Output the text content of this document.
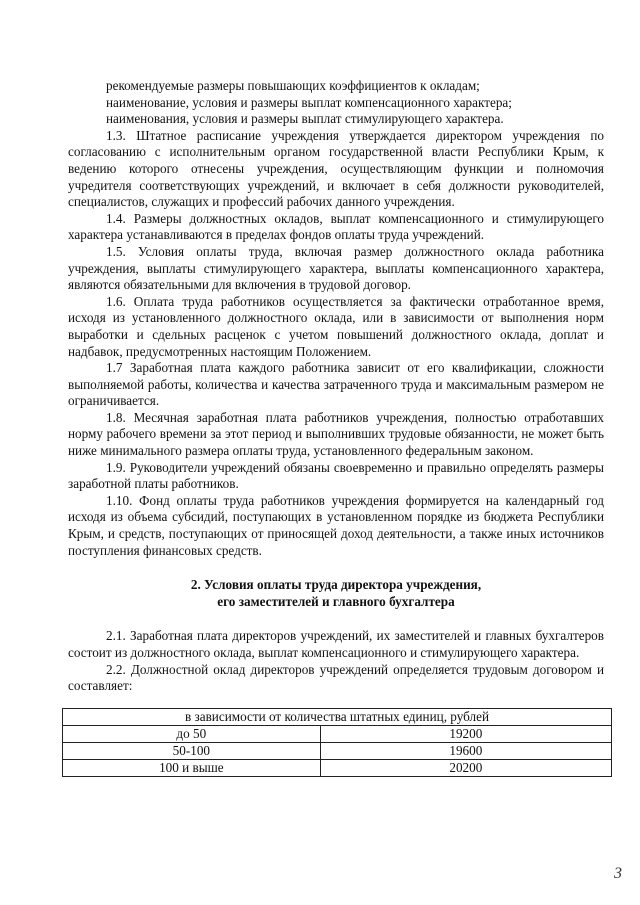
рекомендуемые размеры повышающих коэффициентов к окладам;

наименование, условия и размеры выплат компенсационного характера;

наименования, условия и размеры выплат стимулирующего характера.

1.3. Штатное расписание учреждения утверждается директором учреждения по согласованию с исполнительным органом государственной власти Республики Крым, к ведению которого отнесены учреждения, осуществляющим функции и полномочия учредителя соответствующих учреждений, и включает в себя должности руководителей, специалистов, служащих и профессий рабочих данного учреждения.

1.4. Размеры должностных окладов, выплат компенсационного и стимулирующего характера устанавливаются в пределах фондов оплаты труда учреждений.

1.5. Условия оплаты труда, включая размер должностного оклада работника учреждения, выплаты стимулирующего характера, выплаты компенсационного характера, являются обязательными для включения в трудовой договор.

1.6. Оплата труда работников осуществляется за фактически отработанное время, исходя из установленного должностного оклада, или в зависимости от выполнения норм выработки и сдельных расценок с учетом повышений должностного оклада, доплат и надбавок, предусмотренных настоящим Положением.

1.7 Заработная плата каждого работника зависит от его квалификации, сложности выполняемой работы, количества и качества затраченного труда и максимальным размером не ограничивается.

1.8. Месячная заработная плата работников учреждения, полностью отработавших норму рабочего времени за этот период и выполнивших трудовые обязанности, не может быть ниже минимального размера оплаты труда, установленного федеральным законом.

1.9. Руководители учреждений обязаны своевременно и правильно определять размеры заработной платы работников.

1.10. Фонд оплаты труда работников учреждения формируется на календарный год исходя из объема субсидий, поступающих в установленном порядке из бюджета Республики Крым, и средств, поступающих от приносящей доход деятельности, а также иных источников поступления финансовых средств.

2. Условия оплаты труда директора учреждения,
его заместителей и главного бухгалтера

2.1. Заработная плата директоров учреждений, их заместителей и главных бухгалтеров состоит из должностного оклада, выплат компенсационного и стимулирующего характера.

2.2. Должностной оклад директоров учреждений определяется трудовым договором и составляет:

в зависимости от количества штатных единиц, рублей	
до 50	19200
50-100	19600
100 и выше	20200
3
